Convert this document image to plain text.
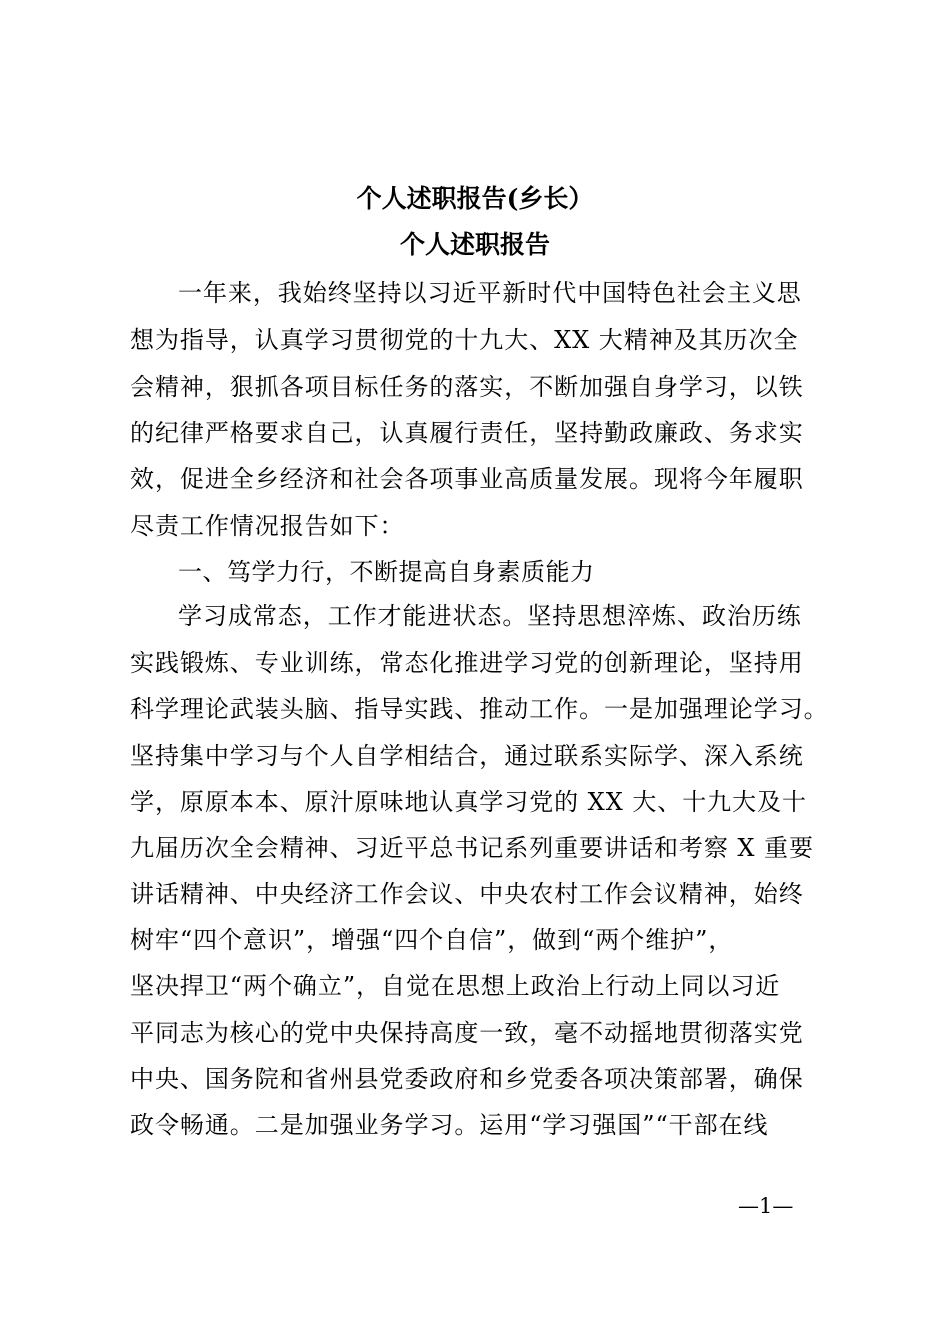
个人述职报告(乡长）
个人述职报告
一年来，我始终坚持以习近平新时代中国特色社会主义思
想为指导，认真学习贯彻党的十九大、XX 大精神及其历次全
会精神，狠抓各项目标任务的落实，不断加强自身学习，以铁
的纪律严格要求自己，认真履行责任，坚持勤政廉政、务求实
效，促进全乡经济和社会各项事业高质量发展。现将今年履职
尽责工作情况报告如下：
一、笃学力行，不断提高自身素质能力
学习成常态，工作才能进状态。坚持思想淬炼、政治历练
实践锻炼、专业训练，常态化推进学习党的创新理论，坚持用
科学理论武装头脑、指导实践、推动工作。一是加强理论学习。
坚持集中学习与个人自学相结合，通过联系实际学、深入系统
学，原原本本、原汁原味地认真学习党的 XX 大、十九大及十
九届历次全会精神、习近平总书记系列重要讲话和考察 X 重要
讲话精神、中央经济工作会议、中央农村工作会议精神，始终
树牢“四个意识”，增强“四个自信”，做到“两个维护”，
坚决捍卫“两个确立”，自觉在思想上政治上行动上同以习近
平同志为核心的党中央保持高度一致，毫不动摇地贯彻落实党
中央、国务院和省州县党委政府和乡党委各项决策部署，确保
政令畅通。二是加强业务学习。运用“学习强国”“干部在线
—1—
